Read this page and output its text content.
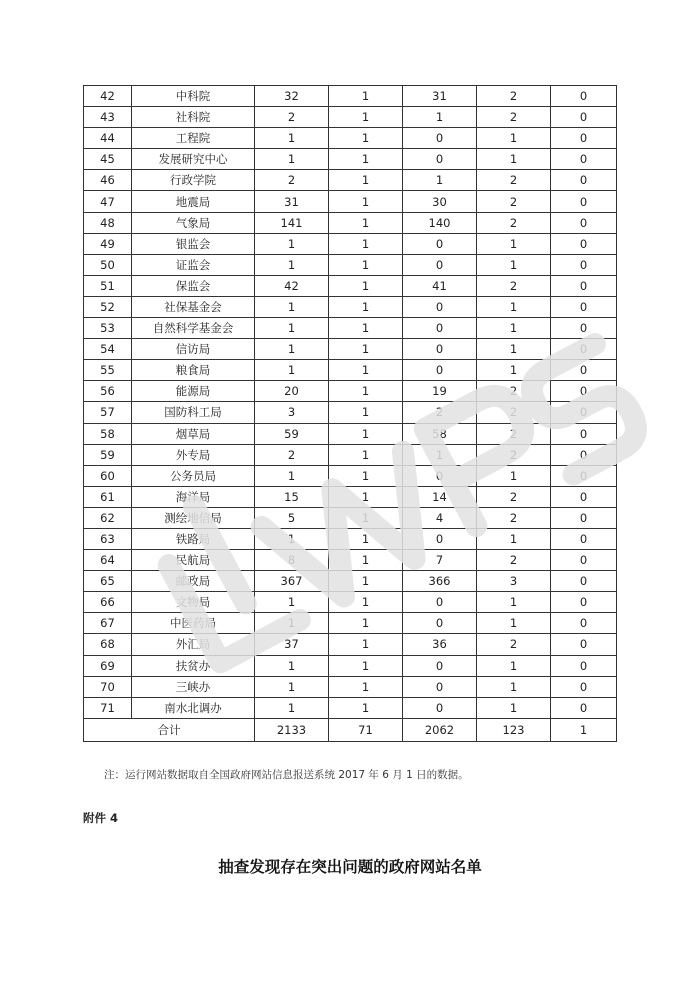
42	中科院	32	1	31	2	0
43	社科院	2	1	1	2	0
44	工程院	1	1	0	1	0
45	发展研究中心	1	1	0	1	0
46	行政学院	2	1	1	2	0
47	地震局	31	1	30	2	0
48	气象局	141	1	140	2	0
49	银监会	1	1	0	1	0
50	证监会	1	1	0	1	0
51	保监会	42	1	41	2	0
52	社保基金会	1	1	0	1	0
53	自然科学基金会	1	1	0	1	0
54	信访局	1	1	0	1	0
55	粮食局	1	1	0	1	0
56	能源局	20	1	19	2	0
57	国防科工局	3	1	2	2	0
58	烟草局	59	1	58	2	0
59	外专局	2	1	1	2	0
60	公务员局	1	1	0	1	0
61	海洋局	15	1	14	2	0
62	测绘地信局	5	1	4	2	0
63	铁路局	1	1	0	1	0
64	民航局	8	1	7	2	0
65	邮政局	367	1	366	3	0
66	文物局	1	1	0	1	0
67	中医药局	1	1	0	1	0
68	外汇局	37	1	36	2	0
69	扶贫办	1	1	0	1	0
70	三峡办	1	1	0	1	0
71	南水北调办	1	1	0	1	0
合计		2133	71	2062	123	1
注：运行网站数据取自全国政府网站信息报送系统 2017 年 6 月 1 日的数据。
附件 4
抽查发现存在突出问题的政府网站名单
